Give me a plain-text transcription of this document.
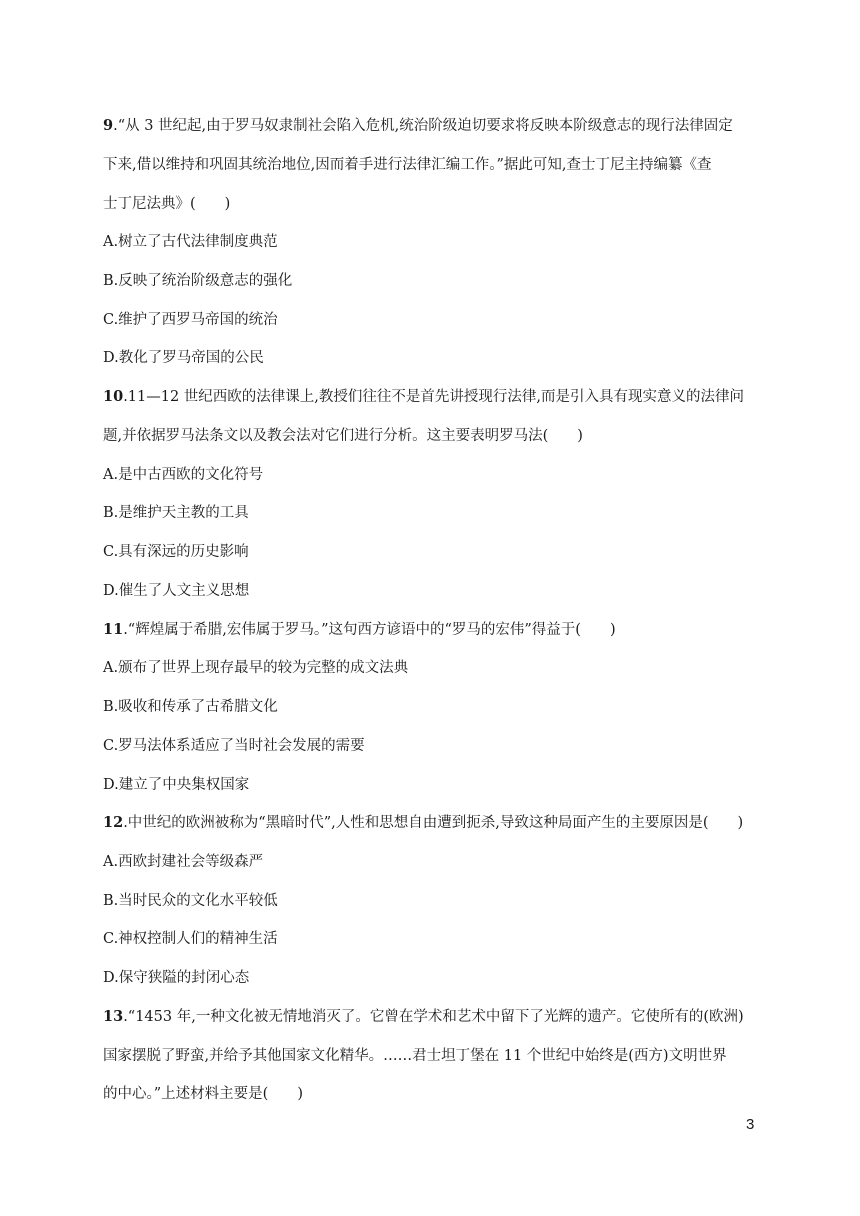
9.“从 3 世纪起,由于罗马奴隶制社会陷入危机,统治阶级迫切要求将反映本阶级意志的现行法律固定
下来,借以维持和巩固其统治地位,因而着手进行法律汇编工作。”据此可知,查士丁尼主持编纂《查
士丁尼法典》(　　)
A.树立了古代法律制度典范
B.反映了统治阶级意志的强化
C.维护了西罗马帝国的统治
D.教化了罗马帝国的公民
10.11—12 世纪西欧的法律课上,教授们往往不是首先讲授现行法律,而是引入具有现实意义的法律问
题,并依据罗马法条文以及教会法对它们进行分析。这主要表明罗马法(　　)
A.是中古西欧的文化符号
B.是维护天主教的工具
C.具有深远的历史影响
D.催生了人文主义思想
11.“辉煌属于希腊,宏伟属于罗马。”这句西方谚语中的“罗马的宏伟”得益于(　　)
A.颁布了世界上现存最早的较为完整的成文法典
B.吸收和传承了古希腊文化
C.罗马法体系适应了当时社会发展的需要
D.建立了中央集权国家
12.中世纪的欧洲被称为“黑暗时代”,人性和思想自由遭到扼杀,导致这种局面产生的主要原因是(　　)
A.西欧封建社会等级森严
B.当时民众的文化水平较低
C.神权控制人们的精神生活
D.保守狭隘的封闭心态
13.“1453 年,一种文化被无情地消灭了。它曾在学术和艺术中留下了光辉的遗产。它使所有的(欧洲)
国家摆脱了野蛮,并给予其他国家文化精华。……君士坦丁堡在 11 个世纪中始终是(西方)文明世界
的中心。”上述材料主要是(　　)
3
